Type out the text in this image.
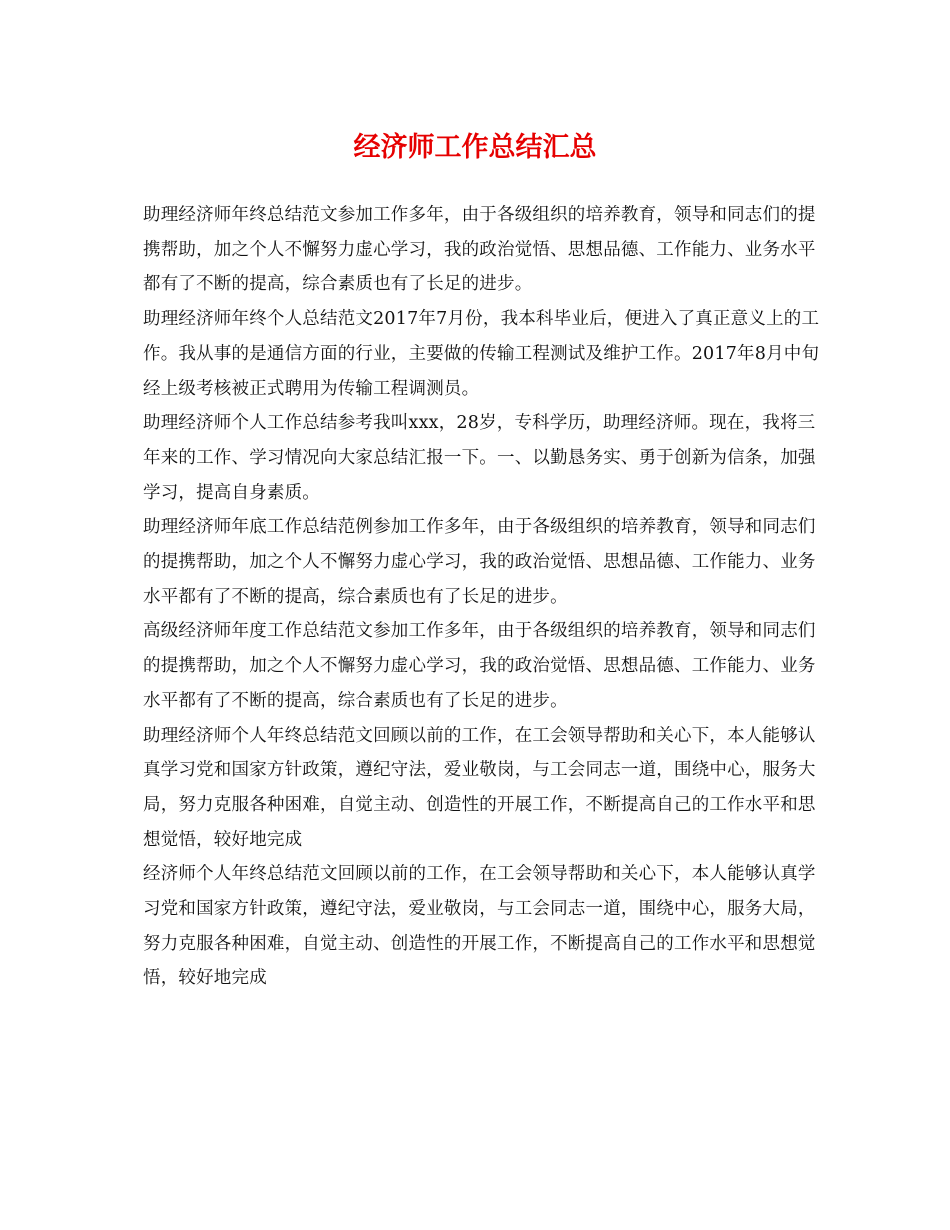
经济师工作总结汇总

助理经济师年终总结范文参加工作多年，由于各级组织的培养教育，领导和同志们的提携帮助，加之个人不懈努力虚心学习，我的政治觉悟、思想品德、工作能力、业务水平都有了不断的提高，综合素质也有了长足的进步。

助理经济师年终个人总结范文2017年7月份，我本科毕业后，便进入了真正意义上的工作。我从事的是通信方面的行业，主要做的传输工程测试及维护工作。2017年8月中旬经上级考核被正式聘用为传输工程调测员。

助理经济师个人工作总结参考我叫xxx，28岁，专科学历，助理经济师。现在，我将三年来的工作、学习情况向大家总结汇报一下。一、以勤恳务实、勇于创新为信条，加强学习，提高自身素质。

助理经济师年底工作总结范例参加工作多年，由于各级组织的培养教育，领导和同志们的提携帮助，加之个人不懈努力虚心学习，我的政治觉悟、思想品德、工作能力、业务水平都有了不断的提高，综合素质也有了长足的进步。

高级经济师年度工作总结范文参加工作多年，由于各级组织的培养教育，领导和同志们的提携帮助，加之个人不懈努力虚心学习，我的政治觉悟、思想品德、工作能力、业务水平都有了不断的提高，综合素质也有了长足的进步。

助理经济师个人年终总结范文回顾以前的工作，在工会领导帮助和关心下，本人能够认真学习党和国家方针政策，遵纪守法，爱业敬岗，与工会同志一道，围绕中心，服务大局，努力克服各种困难，自觉主动、创造性的开展工作，不断提高自己的工作水平和思想觉悟，较好地完成

经济师个人年终总结范文回顾以前的工作，在工会领导帮助和关心下，本人能够认真学习党和国家方针政策，遵纪守法，爱业敬岗，与工会同志一道，围绕中心，服务大局，努力克服各种困难，自觉主动、创造性的开展工作，不断提高自己的工作水平和思想觉悟，较好地完成
